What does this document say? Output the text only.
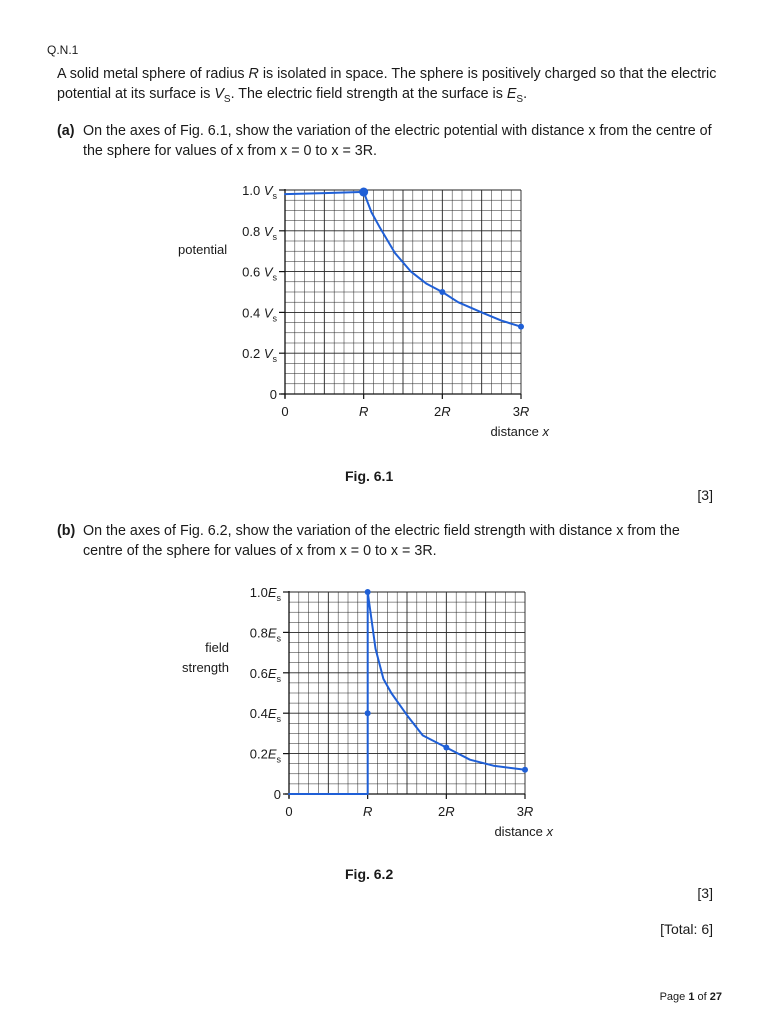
Q.N.1
A solid metal sphere of radius R is isolated in space. The sphere is positively charged so that the electric potential at its surface is $V_S$. The electric field strength at the surface is $E_S$.
(a) On the axes of Fig. 6.1, show the variation of the electric potential with distance x from the centre of the sphere for values of x from x = 0 to x = 3R.
0
0.2 $V_s$
0.4 $V_s$
0.6 $V_s$
0.8 $V_s$
1.0 $V_s$
0	R	2R	3R
distance x
potential
Fig. 6.1
[3]
(b) On the axes of Fig. 6.2, show the variation of the electric field strength with distance x from the centre of the sphere for values of x from x = 0 to x = 3R.
0
$0.2E_s$
$0.4E_s$
$0.6E_s$
$0.8E_s$
$1.0E_s$
0	R	2R	3R
distance x
field
strength
Fig. 6.2
[3]
[Total: 6]
Page 1 of 27
